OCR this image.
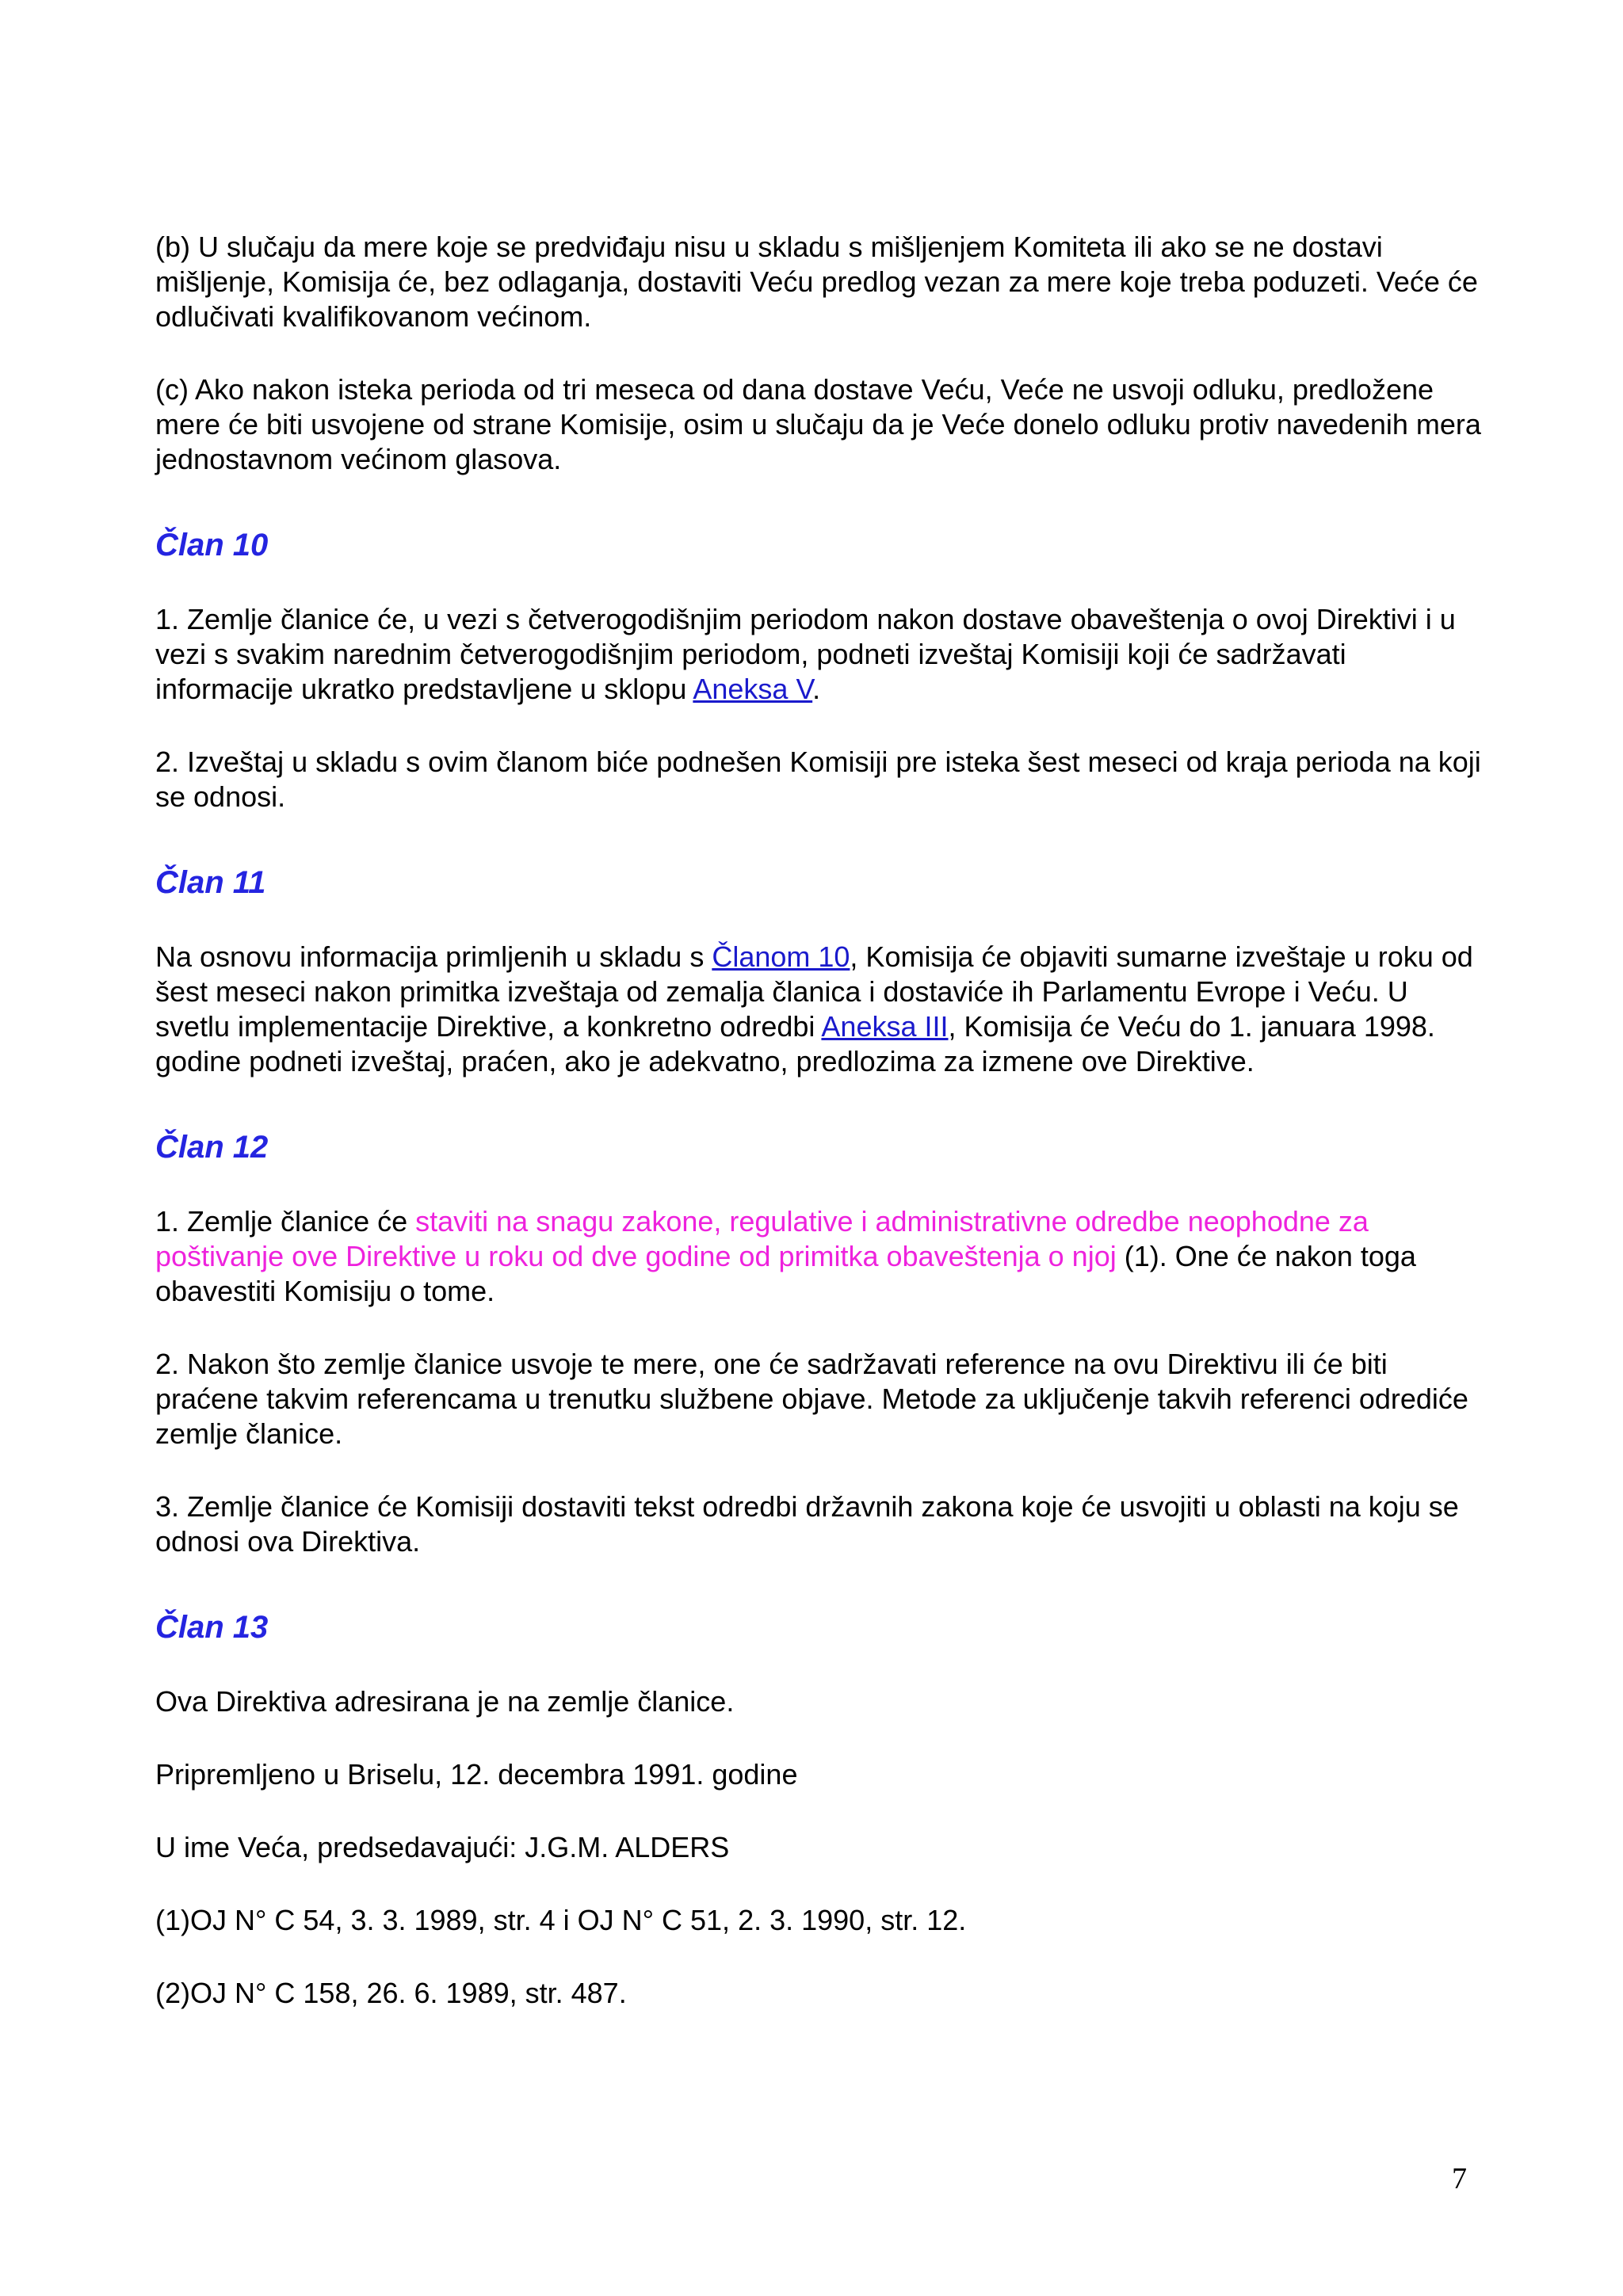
(b) U slučaju da mere koje se predviđaju nisu u skladu s mišljenjem Komiteta ili ako se ne dostavi mišljenje, Komisija će, bez odlaganja, dostaviti Veću predlog vezan za mere koje treba poduzeti. Veće će odlučivati kvalifikovanom većinom.

(c) Ako nakon isteka perioda od tri meseca od dana dostave Veću, Veće ne usvoji odluku, predložene mere će biti usvojene od strane Komisije, osim u slučaju da je Veće donelo odluku protiv navedenih mera jednostavnom većinom glasova.

Član 10

1. Zemlje članice će, u vezi s četverogodišnjim periodom nakon dostave obaveštenja o ovoj Direktivi i u vezi s svakim narednim četverogodišnjim periodom, podneti izveštaj Komisiji koji će sadržavati informacije ukratko predstavljene u sklopu Aneksa V.

2. Izveštaj u skladu s ovim članom biće podnešen Komisiji pre isteka šest meseci od kraja perioda na koji se odnosi.

Član 11

Na osnovu informacija primljenih u skladu s Članom 10, Komisija će objaviti sumarne izveštaje u roku od šest meseci nakon primitka izveštaja od zemalja članica i dostaviće ih Parlamentu Evrope i Veću. U svetlu implementacije Direktive, a konkretno odredbi Aneksa III, Komisija će Veću do 1. januara 1998. godine podneti izveštaj, praćen, ako je adekvatno, predlozima za izmene ove Direktive.

Član 12

1. Zemlje članice će staviti na snagu zakone, regulative i administrativne odredbe neophodne za poštivanje ove Direktive u roku od dve godine od primitka obaveštenja o njoj (1). One će nakon toga obavestiti Komisiju o tome.

2. Nakon što zemlje članice usvoje te mere, one će sadržavati reference na ovu Direktivu ili će biti praćene takvim referencama u trenutku službene objave. Metode za uključenje takvih referenci odrediće zemlje članice.

3. Zemlje članice će Komisiji dostaviti tekst odredbi državnih zakona koje će usvojiti u oblasti na koju se odnosi ova Direktiva.

Član 13

Ova Direktiva adresirana je na zemlje članice.

Pripremljeno u Briselu, 12. decembra 1991. godine

U ime Veća, predsedavajući: J.G.M. ALDERS

(1)OJ N° C 54, 3. 3. 1989, str. 4 i OJ N° C 51, 2. 3. 1990, str. 12.

(2)OJ N° C 158, 26. 6. 1989, str. 487.

7
